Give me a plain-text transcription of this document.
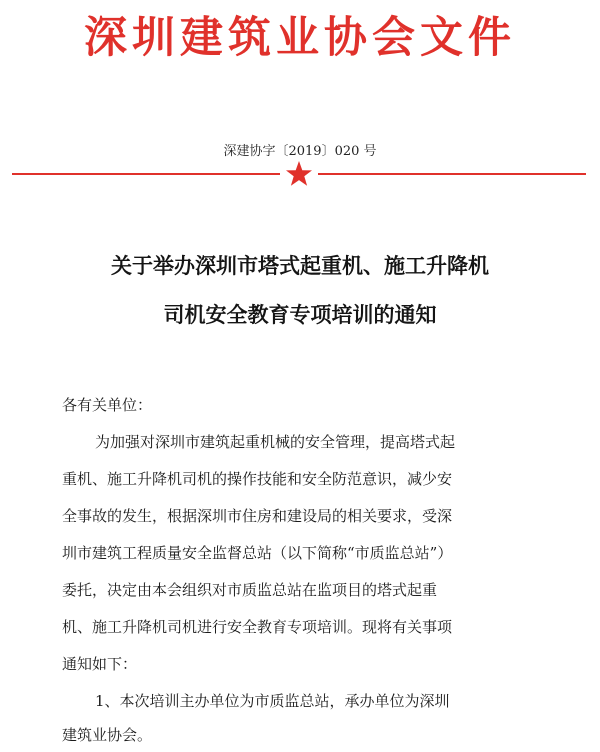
深圳建筑业协会文件
深建协字〔2019〕020 号
关于举办深圳市塔式起重机、施工升降机
司机安全教育专项培训的通知
各有关单位：
为加强对深圳市建筑起重机械的安全管理，提高塔式起
重机、施工升降机司机的操作技能和安全防范意识，减少安
全事故的发生，根据深圳市住房和建设局的相关要求，受深
圳市建筑工程质量安全监督总站（以下简称“市质监总站”）
委托，决定由本会组织对市质监总站在监项目的塔式起重
机、施工升降机司机进行安全教育专项培训。现将有关事项
通知如下：
1、本次培训主办单位为市质监总站，承办单位为深圳
建筑业协会。
